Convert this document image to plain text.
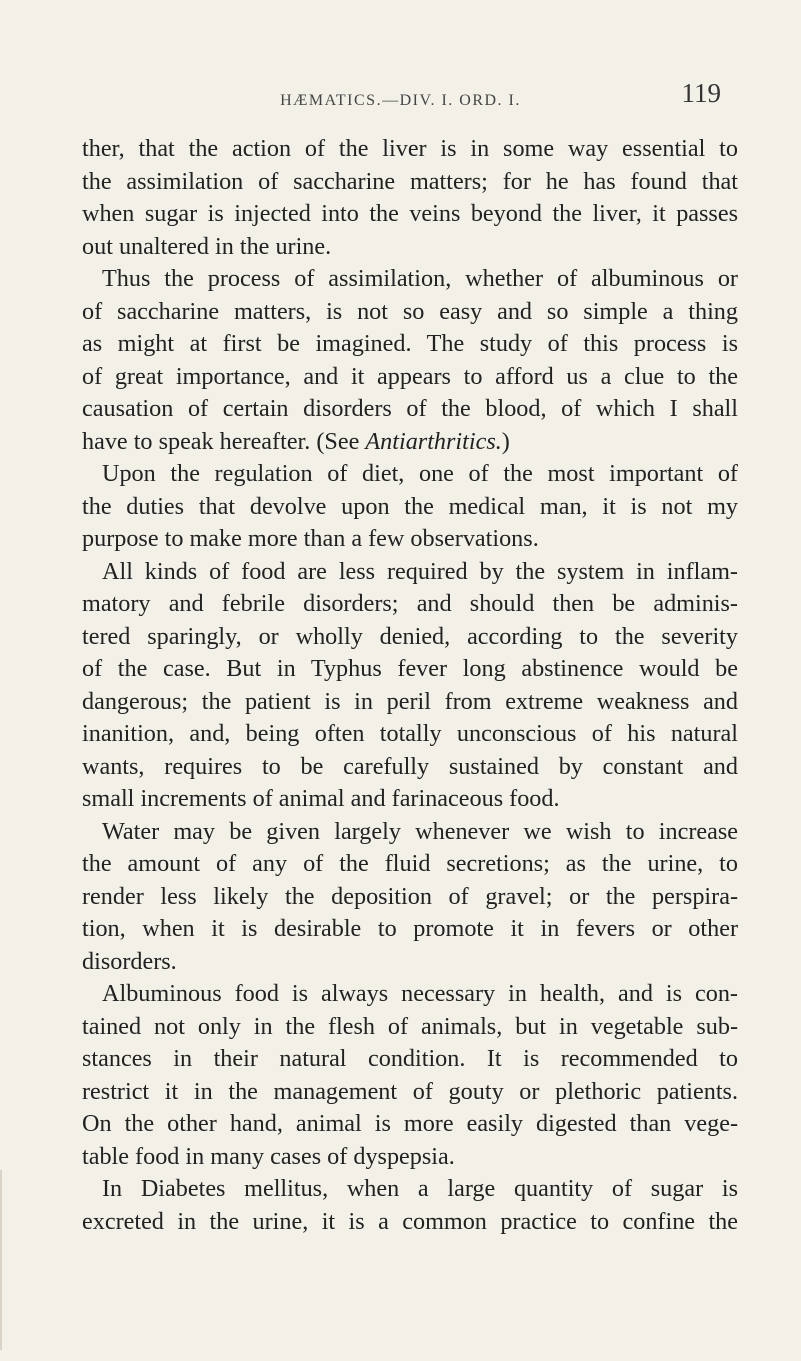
HÆMATICS.—DIV. I. ORD. I.	119
ther, that the action of the liver is in some way essential to
the assimilation of saccharine matters; for he has found that
when sugar is injected into the veins beyond the liver, it passes
out unaltered in the urine.
Thus the process of assimilation, whether of albuminous or
of saccharine matters, is not so easy and so simple a thing
as might at first be imagined. The study of this process is
of great importance, and it appears to afford us a clue to the
causation of certain disorders of the blood, of which I shall
have to speak hereafter. (See Antiarthritics.)
Upon the regulation of diet, one of the most important of
the duties that devolve upon the medical man, it is not my
purpose to make more than a few observations.
All kinds of food are less required by the system in inflam-
matory and febrile disorders; and should then be adminis-
tered sparingly, or wholly denied, according to the severity
of the case. But in Typhus fever long abstinence would be
dangerous; the patient is in peril from extreme weakness and
inanition, and, being often totally unconscious of his natural
wants, requires to be carefully sustained by constant and
small increments of animal and farinaceous food.
Water may be given largely whenever we wish to increase
the amount of any of the fluid secretions; as the urine, to
render less likely the deposition of gravel; or the perspira-
tion, when it is desirable to promote it in fevers or other
disorders.
Albuminous food is always necessary in health, and is con-
tained not only in the flesh of animals, but in vegetable sub-
stances in their natural condition. It is recommended to
restrict it in the management of gouty or plethoric patients.
On the other hand, animal is more easily digested than vege-
table food in many cases of dyspepsia.
In Diabetes mellitus, when a large quantity of sugar is
excreted in the urine, it is a common practice to confine the
